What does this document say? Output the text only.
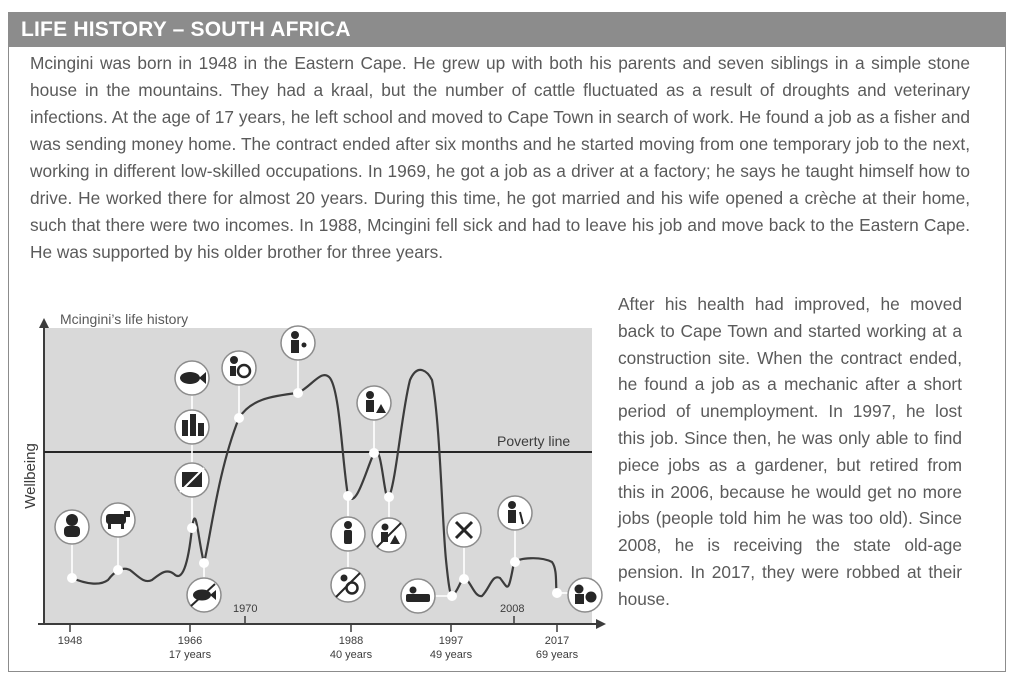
LIFE HISTORY – SOUTH AFRICA

Mcingini was born in 1948 in the Eastern Cape. He grew up with both his parents and seven siblings in a simple stone house in the mountains. They had a kraal, but the number of cattle fluctuated as a result of droughts and veterinary infections. At the age of 17 years, he left school and moved to Cape Town in search of work. He found a job as a fisher and was sending money home. The contract ended after six months and he started moving from one temporary job to the next, working in different low-skilled occupations. In 1969, he got a job as a driver at a factory; he says he taught himself how to drive. He worked there for almost 20 years. During this time, he got married and his wife opened a crèche at their home, such that there were two incomes. In 1988, Mcingini fell sick and had to leave his job and move back to the Eastern Cape. He was supported by his older brother for three years.

After his health had improved, he moved back to Cape Town and started working at a construction site. When the contract ended, he found a job as a mechanic after a short period of unemployment. In 1997, he lost this job. Since then, he was only able to find piece jobs as a gardener, but retired from this in 2006, because he would get no more jobs (people told him he was too old). Since 2008, he is receiving the state old-age pension. In 2017, they were robbed at their house.

Mcingini’s life history
Wellbeing
Poverty line
1970	2008
1948	1966
17 years
1988
40 years
1997
49 years
2017
69 years
